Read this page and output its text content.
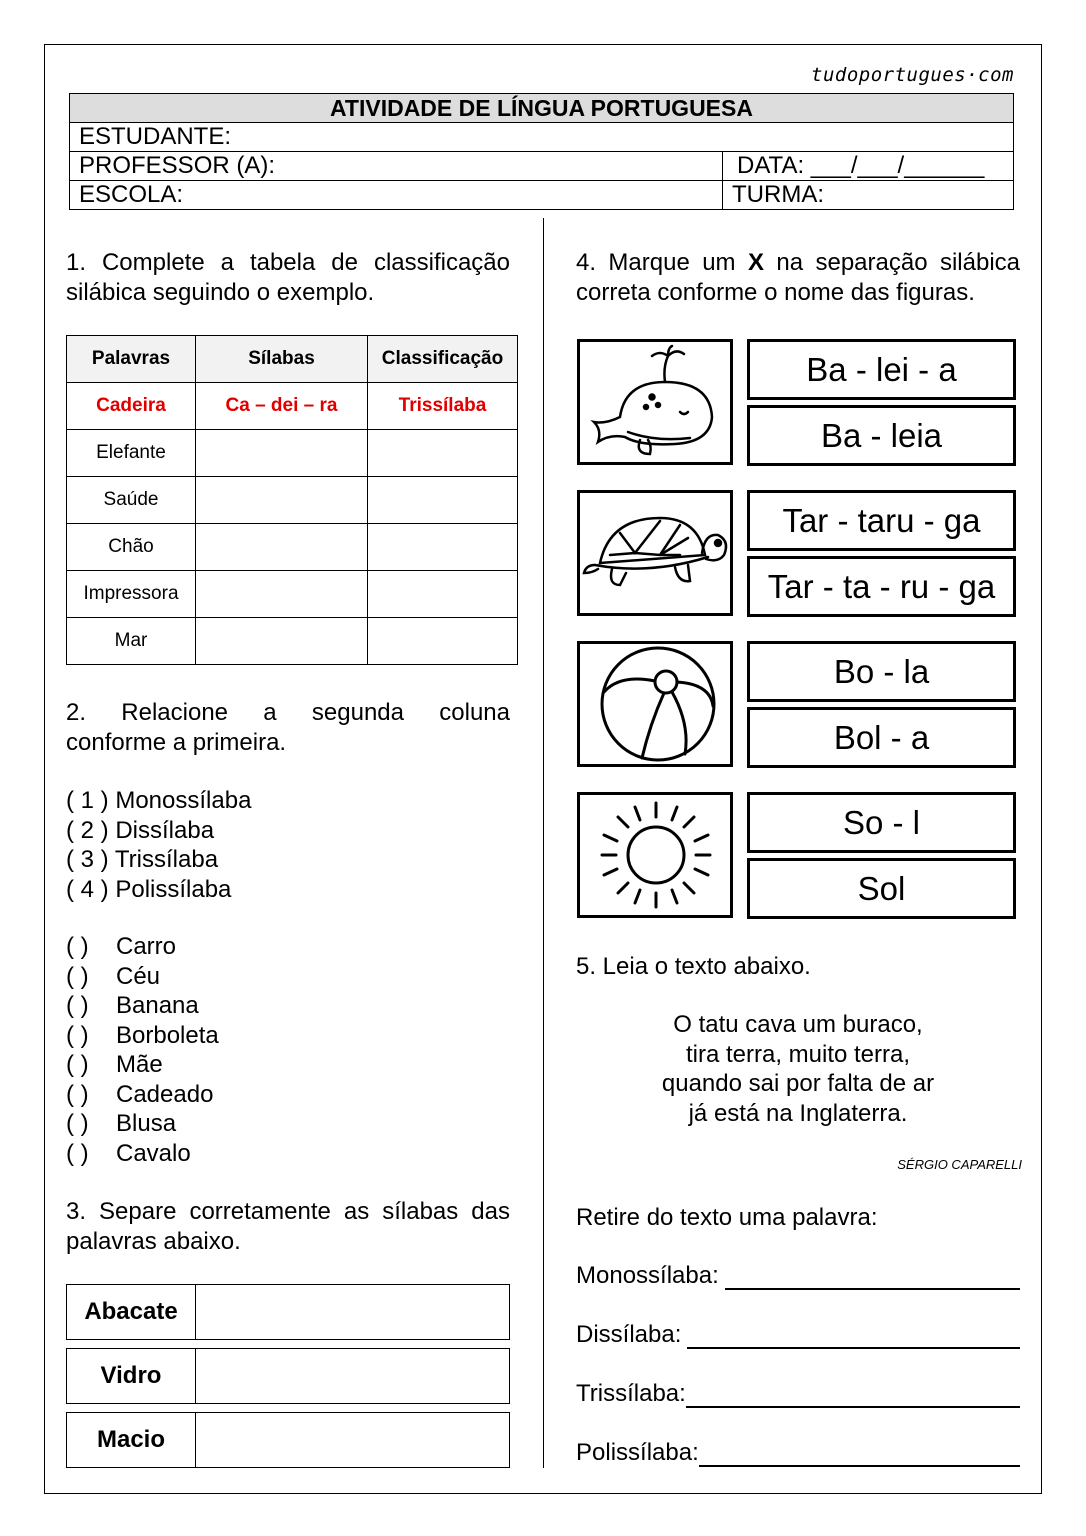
tudoportugues·com
ATIVIDADE DE LÍNGUA PORTUGUESA	
ESTUDANTE:	
PROFESSOR (A):	DATA: ___/___/______
ESCOLA:	TURMA:
1. Complete a tabela de classificação silábica seguindo o exemplo.
Palavras	Sílabas	Classificação
Cadeira	Ca – dei – ra	Trissílaba
Elefante		
Saúde		
Chão		
Impressora		
Mar		
2. Relacione a segunda coluna
conforme a primeira.
( 1 ) Monossílaba
( 2 ) Dissílaba
( 3 ) Trissílaba
( 4 ) Polissílaba
( ) Carro
( ) Céu
( ) Banana
( ) Borboleta
( ) Mãe
( ) Cadeado
( ) Blusa
( ) Cavalo
3. Separe corretamente as sílabas das palavras abaixo.
Abacate
Vidro
Macio
4. Marque um X na separação silábica correta conforme o nome das figuras.
Ba - lei - a
Ba - leia
Tar - taru - ga
Tar - ta - ru - ga
Bo - la
Bol - a
So - l
Sol
5. Leia o texto abaixo.
O tatu cava um buraco,
tira terra, muito terra,
quando sai por falta de ar
já está na Inglaterra.
SÉRGIO CAPARELLI
Retire do texto uma palavra:
Monossílaba:
Dissílaba:
Trissílaba:
Polissílaba:
